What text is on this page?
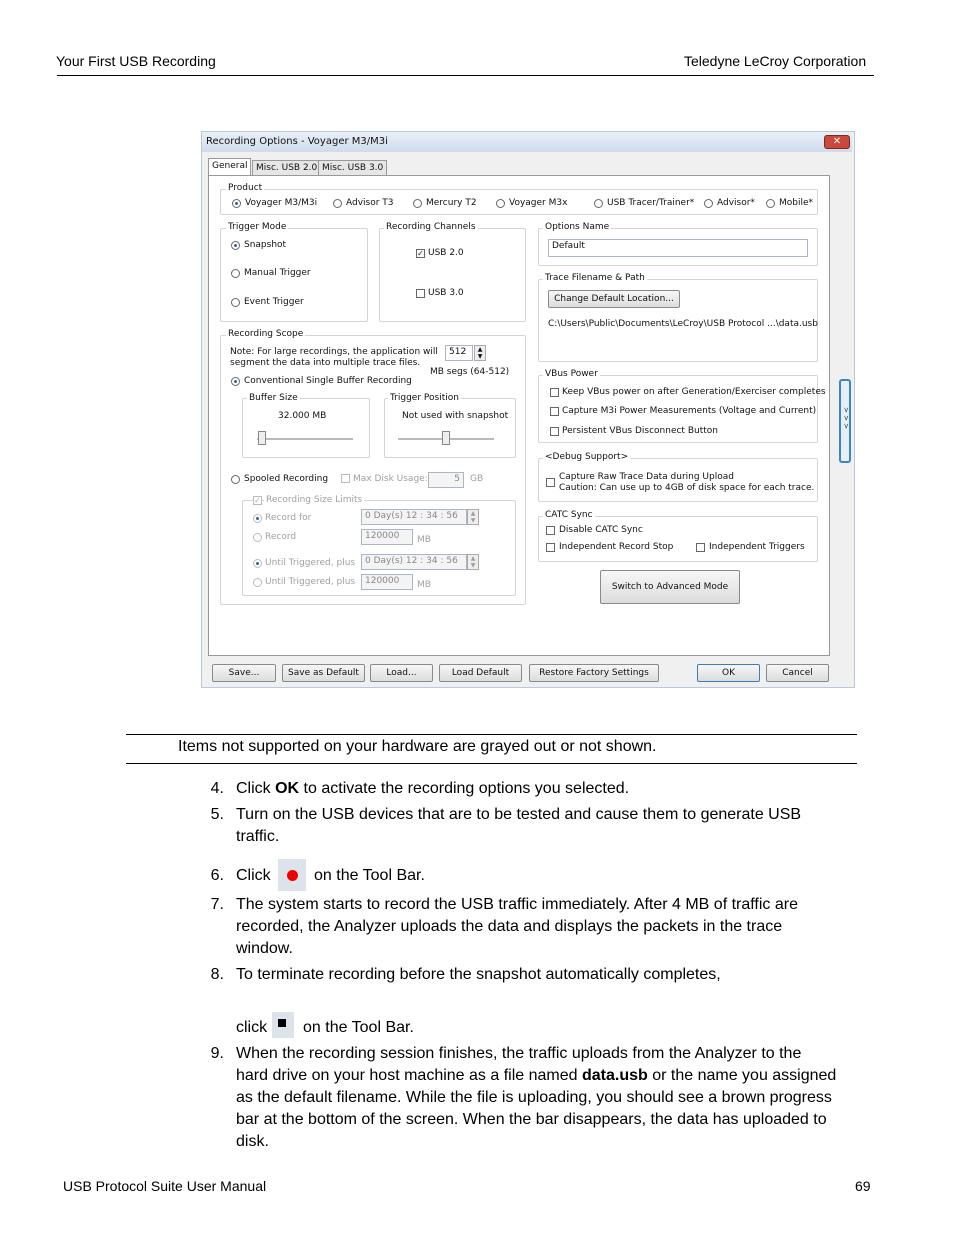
Your First USB Recording	Teledyne LeCroy Corporation
Recording Options - Voyager M3/M3i	✕
General Misc. USB 2.0 Misc. USB 3.0
Product
Voyager M3/M3i	Advisor T3	Mercury T2	Voyager M3x	USB Tracer/Trainer*	Advisor*	Mobile*
Trigger Mode
Snapshot
Manual Trigger
Event Trigger
Recording Channels
✓ USB 2.0
USB 3.0
Options Name
Default
Trace Filename & Path
Change Default Location...
C:\Users\Public\Documents\LeCroy\USB Protocol ...\data.usb
Recording Scope
Note: For large recordings, the application will
segment the data into multiple trace files.
512	▲
▼
MB segs (64-512)
Conventional Single Buffer Recording
Buffer Size
32.000 MB
Trigger Position
Not used with snapshot
Spooled Recording	Max Disk Usage:	5	GB
✓ Recording Size Limits
Record for	0 Day(s) 12 : 34 : 56	▲
▼
Record	120000	MB
Until Triggered, plus	0 Day(s) 12 : 34 : 56	▲
▼
Until Triggered, plus	120000	MB
VBus Power
Keep VBus power on after Generation/Exerciser completes
Capture M3i Power Measurements (Voltage and Current)
Persistent VBus Disconnect Button
<Debug Support>
Capture Raw Trace Data during Upload
Caution: Can use up to 4GB of disk space for each trace.
CATC Sync
Disable CATC Sync
Independent Record Stop	Independent Triggers
Switch to Advanced Mode
> > >
Save...	Save as Default	Load...	Load Default	Restore Factory Settings	OK	Cancel
Items not supported on your hardware are grayed out or not shown.
4. Click OK to activate the recording options you selected.
5. Turn on the USB devices that are to be tested and cause them to generate USB
traffic.
6. Click	on the Tool Bar.
7. The system starts to record the USB traffic immediately. After 4 MB of traffic are
recorded, the Analyzer uploads the data and displays the packets in the trace
window.
8. To terminate recording before the snapshot automatically completes,
click on the Tool Bar.
9. When the recording session finishes, the traffic uploads from the Analyzer to the
hard drive on your host machine as a file named data.usb or the name you assigned
as the default filename. While the file is uploading, you should see a brown progress
bar at the bottom of the screen. When the bar disappears, the data has uploaded to
disk.
USB Protocol Suite User Manual	69
